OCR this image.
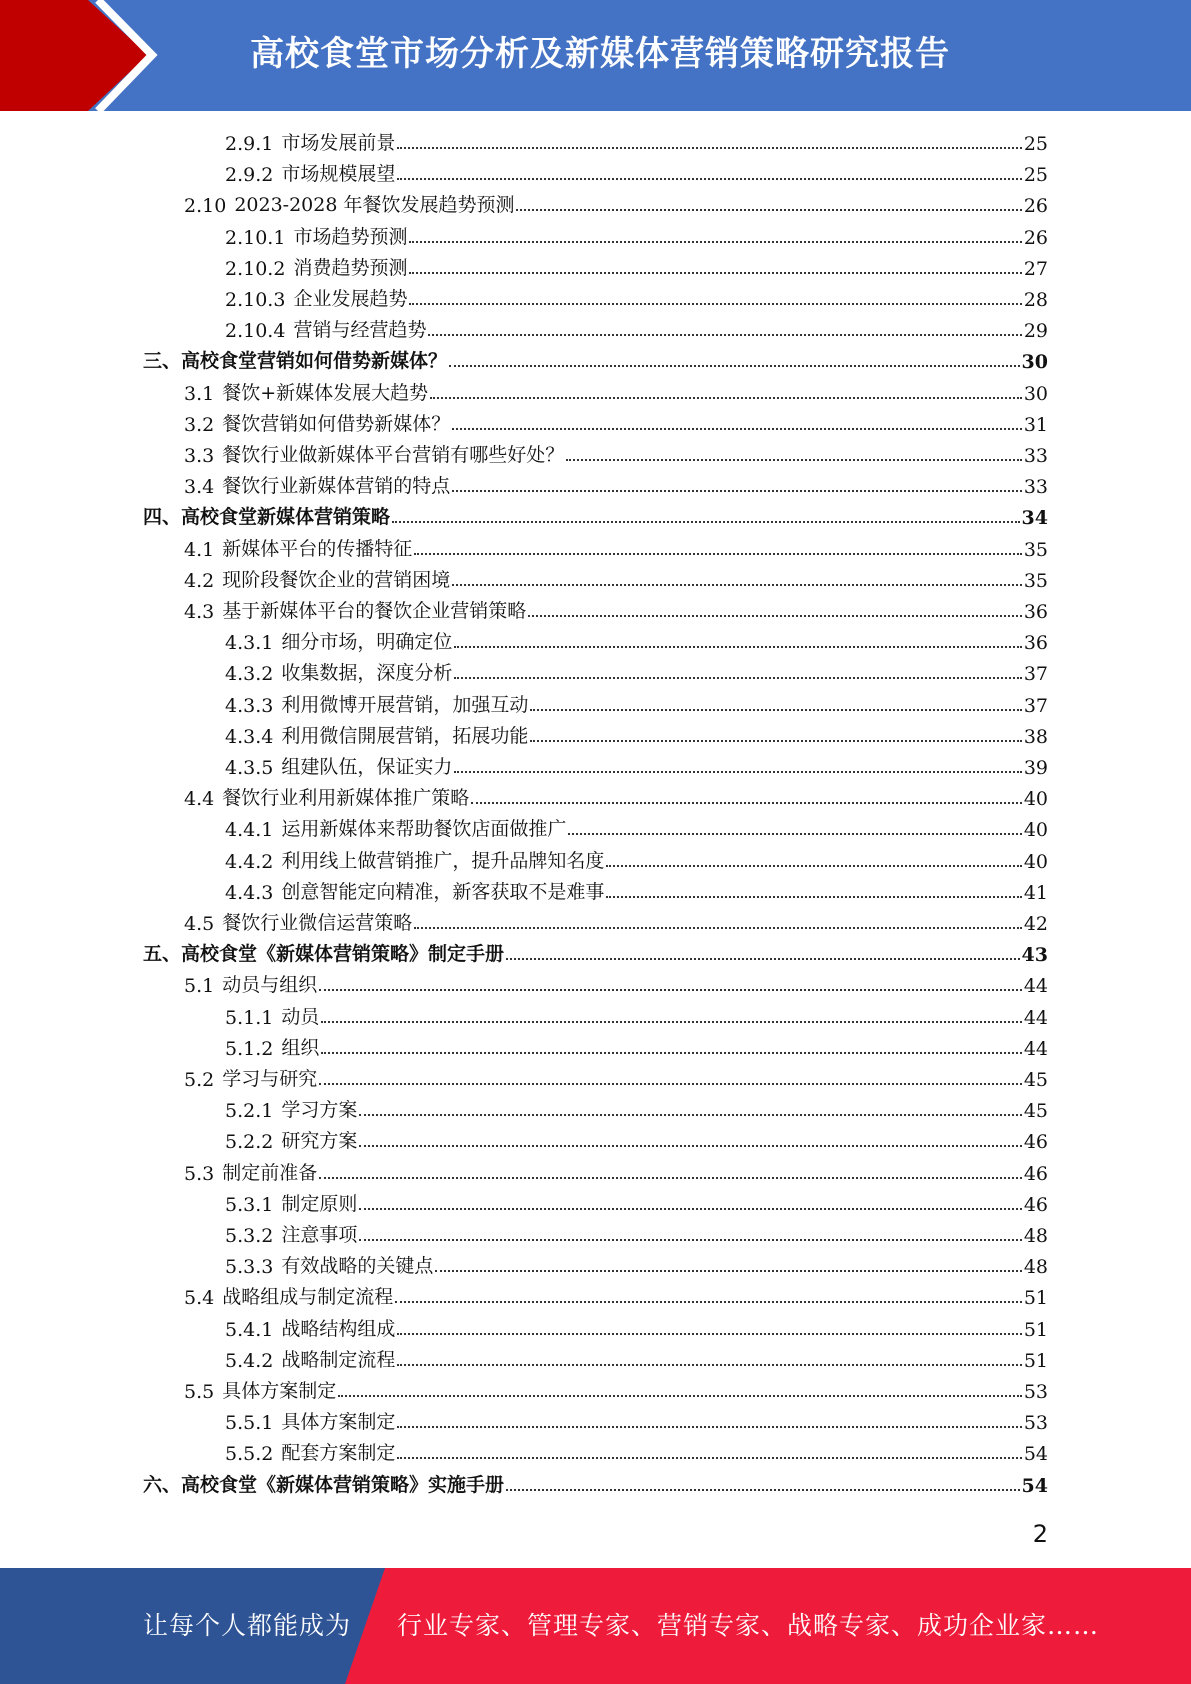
高校食堂市场分析及新媒体营销策略研究报告
2.9.1 市场发展前景	25
2.9.2 市场规模展望	25
2.10 2023-2028 年餐饮发展趋势预测	26
2.10.1 市场趋势预测	26
2.10.2 消费趋势预测	27
2.10.3 企业发展趋势	28
2.10.4 营销与经营趋势	29
三、高校食堂营销如何借势新媒体？	30
3.1 餐饮+新媒体发展大趋势	30
3.2 餐饮营销如何借势新媒体？	31
3.3 餐饮行业做新媒体平台营销有哪些好处？	33
3.4 餐饮行业新媒体营销的特点	33
四、高校食堂新媒体营销策略	34
4.1 新媒体平台的传播特征	35
4.2 现阶段餐饮企业的营销困境	35
4.3 基于新媒体平台的餐饮企业营销策略	36
4.3.1 细分市场，明确定位	36
4.3.2 收集数据，深度分析	37
4.3.3 利用微博开展营销，加强互动	37
4.3.4 利用微信開展营销，拓展功能	38
4.3.5 组建队伍，保证实力	39
4.4 餐饮行业利用新媒体推广策略	40
4.4.1 运用新媒体来帮助餐饮店面做推广	40
4.4.2 利用线上做营销推广，提升品牌知名度	40
4.4.3 创意智能定向精准，新客获取不是难事	41
4.5 餐饮行业微信运营策略	42
五、高校食堂《新媒体营销策略》制定手册	43
5.1 动员与组织	44
5.1.1 动员	44
5.1.2 组织	44
5.2 学习与研究	45
5.2.1 学习方案	45
5.2.2 研究方案	46
5.3 制定前准备	46
5.3.1 制定原则	46
5.3.2 注意事项	48
5.3.3 有效战略的关键点	48
5.4 战略组成与制定流程	51
5.4.1 战略结构组成	51
5.4.2 战略制定流程	51
5.5 具体方案制定	53
5.5.1 具体方案制定	53
5.5.2 配套方案制定	54
六、高校食堂《新媒体营销策略》实施手册	54
2
让每个人都能成为 行业专家、管理专家、营销专家、战略专家、成功企业家……
